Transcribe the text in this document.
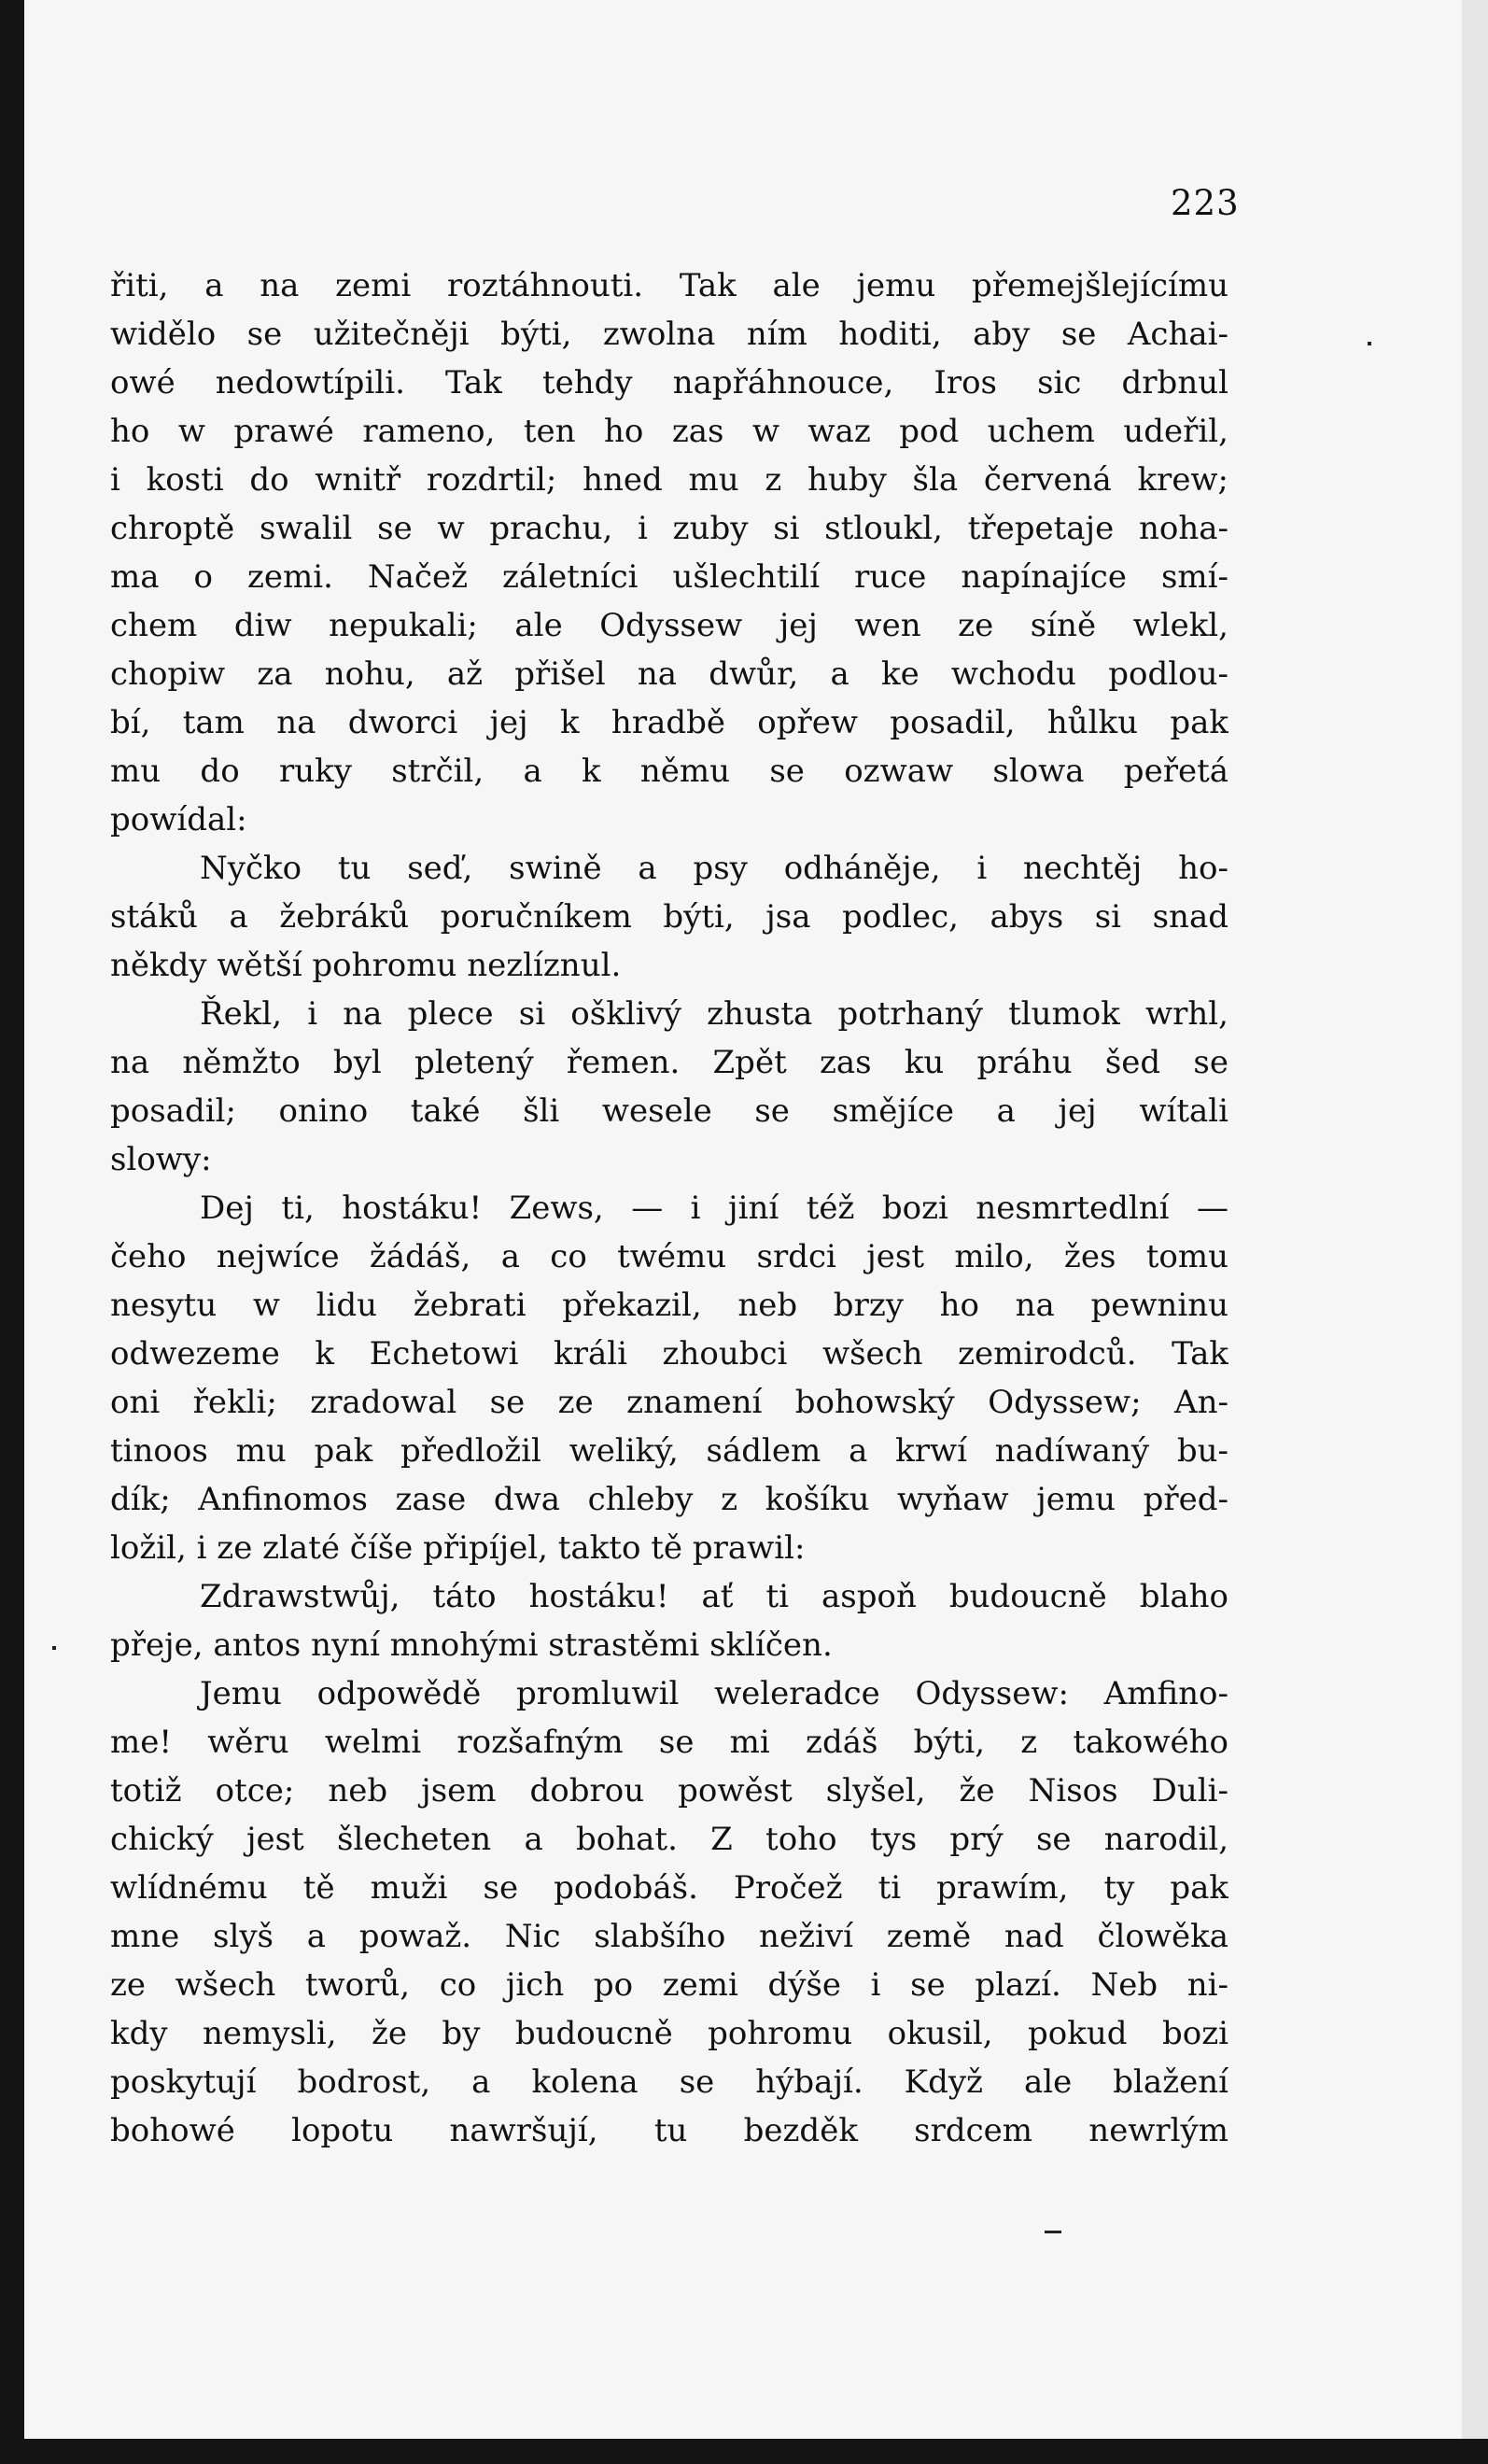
223
řiti, a na zemi roztáhnouti. Tak ale jemu přemejšlejícímu
widělo se užitečněji býti, zwolna ním hoditi, aby se Achai-
owé nedowtípili. Tak tehdy napřáhnouce, Iros sic drbnul
ho w prawé rameno, ten ho zas w waz pod uchem udeřil,
i kosti do wnitř rozdrtil; hned mu z huby šla červená krew;
chroptě swalil se w prachu, i zuby si stloukl, třepetaje noha-
ma o zemi. Načež záletníci ušlechtilí ruce napínajíce smí-
chem diw nepukali; ale Odyssew jej wen ze síně wlekl,
chopiw za nohu, až přišel na dwůr, a ke wchodu podlou-
bí, tam na dworci jej k hradbě opřew posadil, hůlku pak
mu do ruky strčil, a k němu se ozwaw slowa peřetá
powídal:
Nyčko tu seď, swině a psy odháněje, i nechtěj ho-
stáků a žebráků poručníkem býti, jsa podlec, abys si snad
někdy wětší pohromu nezlíznul.
Řekl, i na plece si ošklivý zhusta potrhaný tlumok wrhl,
na němžto byl pletený řemen. Zpět zas ku práhu šed se
posadil; onino také šli wesele se smějíce a jej wítali
slowy:
Dej ti, hostáku! Zews, — i jiní též bozi nesmrtedlní —
čeho nejwíce žádáš, a co twému srdci jest milo, žes tomu
nesytu w lidu žebrati překazil, neb brzy ho na pewninu
odwezeme k Echetowi králi zhoubci wšech zemirodců. Tak
oni řekli; zradowal se ze znamení bohowský Odyssew; An-
tinoos mu pak předložil weliký, sádlem a krwí nadíwaný bu-
dík; Anfinomos zase dwa chleby z košíku wyňaw jemu před-
ložil, i ze zlaté číše připíjel, takto tě prawil:
Zdrawstwůj, táto hostáku! ať ti aspoň budoucně blaho
přeje, antos nyní mnohými strastěmi sklíčen.
Jemu odpowědě promluwil weleradce Odyssew: Amfino-
me! wěru welmi rozšafným se mi zdáš býti, z takowého
totiž otce; neb jsem dobrou powěst slyšel, že Nisos Duli-
chický jest šlecheten a bohat. Z toho tys prý se narodil,
wlídnému tě muži se podobáš. Pročež ti prawím, ty pak
mne slyš a powaž. Nic slabšího neživí země nad člowěka
ze wšech tworů, co jich po zemi dýše i se plazí. Neb ni-
kdy nemysli, že by budoucně pohromu okusil, pokud bozi
poskytují bodrost, a kolena se hýbají. Když ale blažení
bohowé lopotu nawršují, tu bezděk srdcem newrlým
